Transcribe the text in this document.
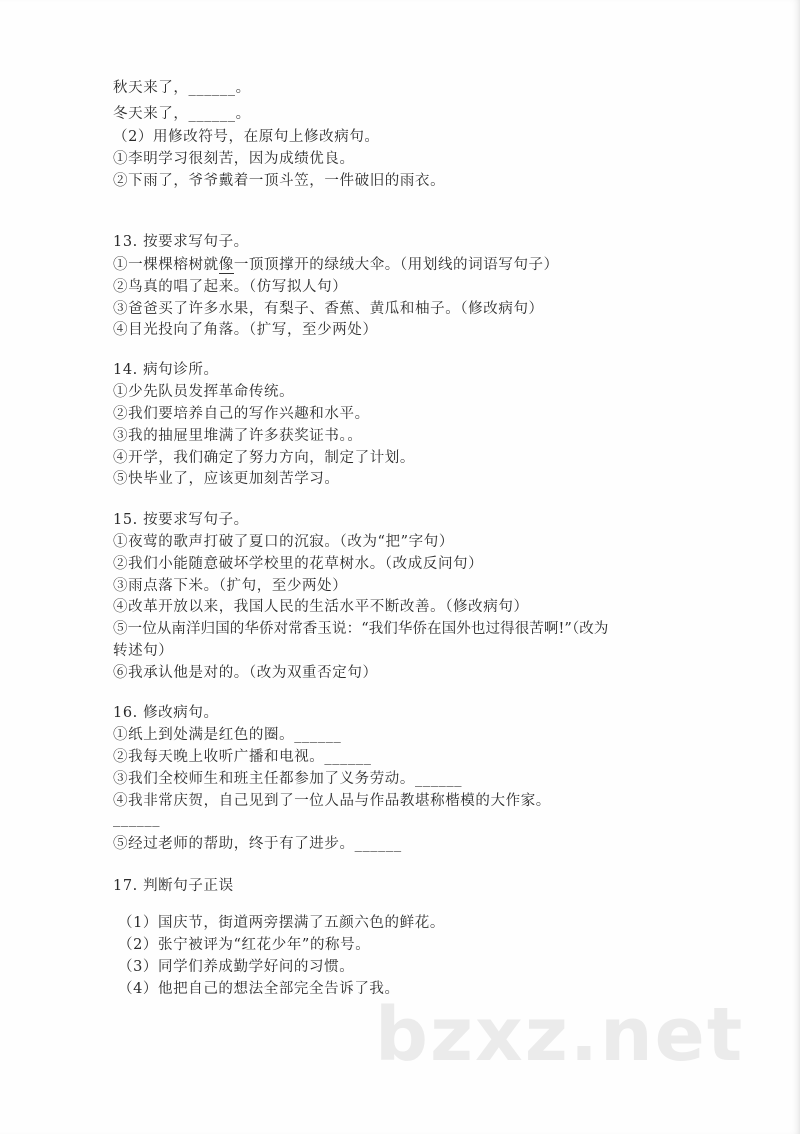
秋天来了，______。
冬天来了，______。
（2）用修改符号，在原句上修改病句。
①李明学习很刻苦，因为成绩优良。
②下雨了，爷爷戴着一顶斗笠，一件破旧的雨衣。
13. 按要求写句子。
①一棵棵榕树就像一顶顶撑开的绿绒大伞。（用划线的词语写句子）
②鸟真的唱了起来。（仿写拟人句）
③爸爸买了许多水果，有梨子、香蕉、黄瓜和柚子。（修改病句）
④目光投向了角落。（扩写，至少两处）
14. 病句诊所。
①少先队员发挥革命传统。
②我们要培养自己的写作兴趣和水平。
③我的抽屉里堆满了许多获奖证书。。
④开学，我们确定了努力方向，制定了计划。
⑤快毕业了，应该更加刻苦学习。
15. 按要求写句子。
①夜莺的歌声打破了夏口的沉寂。（改为“把”字句）
②我们小能随意破坏学校里的花草树水。（改成反问句）
③雨点落下米。（扩句，至少两处）
④改革开放以来，我国人民的生活水平不断改善。（修改病句）
⑤一位从南洋归国的华侨对常香玉说：“我们华侨在国外也过得很苦啊!”（改为
转述句）
⑥我承认他是对的。（改为双重否定句）
16. 修改病句。
①纸上到处满是红色的圈。______
②我每天晚上收听广播和电视。______
③我们全校师生和班主任都参加了义务劳动。______
④我非常庆贺，自己见到了一位人品与作品教堪称楷模的大作家。
______
⑤经过老师的帮助，终于有了进步。______
17. 判断句子正误
（1）国庆节，街道两旁摆满了五颜六色的鲜花。
（2）张宁被评为“红花少年”的称号。
（3）同学们养成勤学好问的习惯。
（4）他把自己的想法全部完全告诉了我。
bzxz.net
